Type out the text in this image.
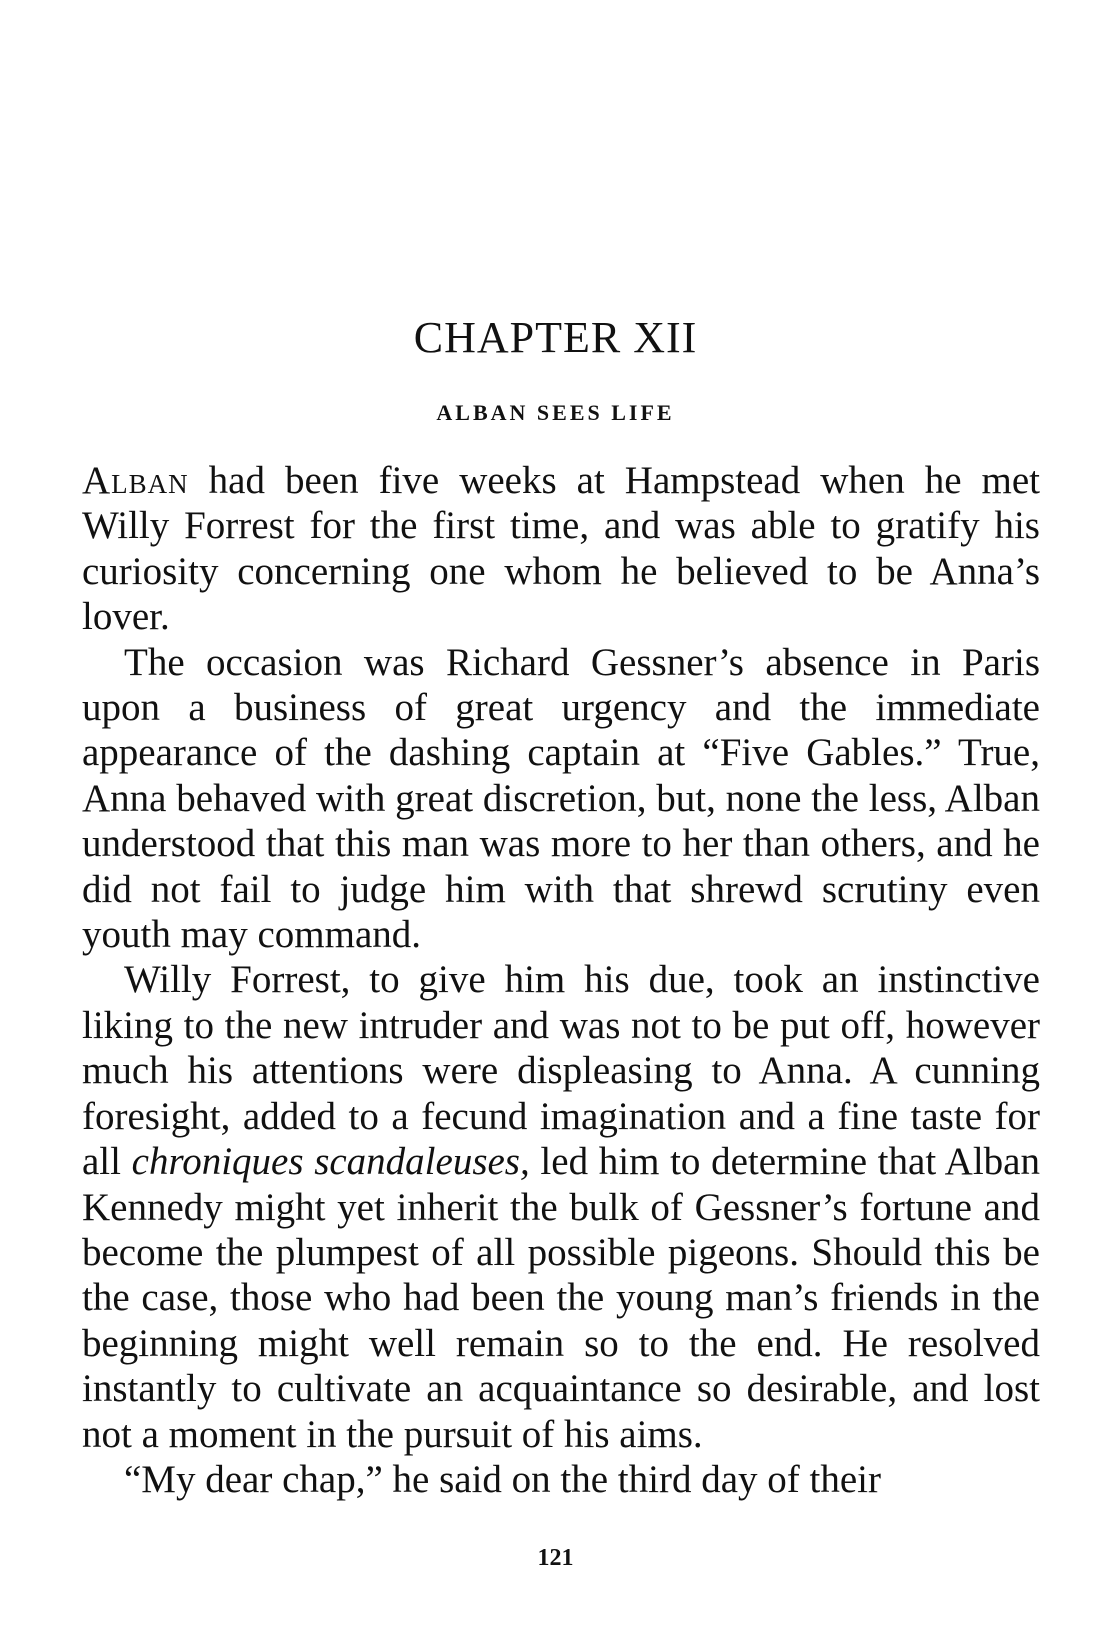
CHAPTER XII
ALBAN SEES LIFE

Alban had been five weeks at Hampstead when he met Willy Forrest for the first time, and was able to gratify his curiosity concerning one whom he believed to be Anna’s lover.

The occasion was Richard Gessner’s absence in Paris upon a business of great urgency and the immediate appearance of the dashing captain at “Five Gables.” True, Anna behaved with great discretion, but, none the less, Alban understood that this man was more to her than others, and he did not fail to judge him with that shrewd scrutiny even youth may command.

Willy Forrest, to give him his due, took an instinctive liking to the new intruder and was not to be put off, however much his attentions were displeasing to Anna. A cunning foresight, added to a fecund imagination and a fine taste for all chroniques scandaleuses, led him to determine that Alban Kennedy might yet inherit the bulk of Gessner’s fortune and become the plumpest of all possible pigeons. Should this be the case, those who had been the young man’s friends in the beginning might well remain so to the end. He resolved instantly to cultivate an acquaintance so desirable, and lost not a moment in the pursuit of his aims.

“My dear chap,” he said on the third day of their

121
